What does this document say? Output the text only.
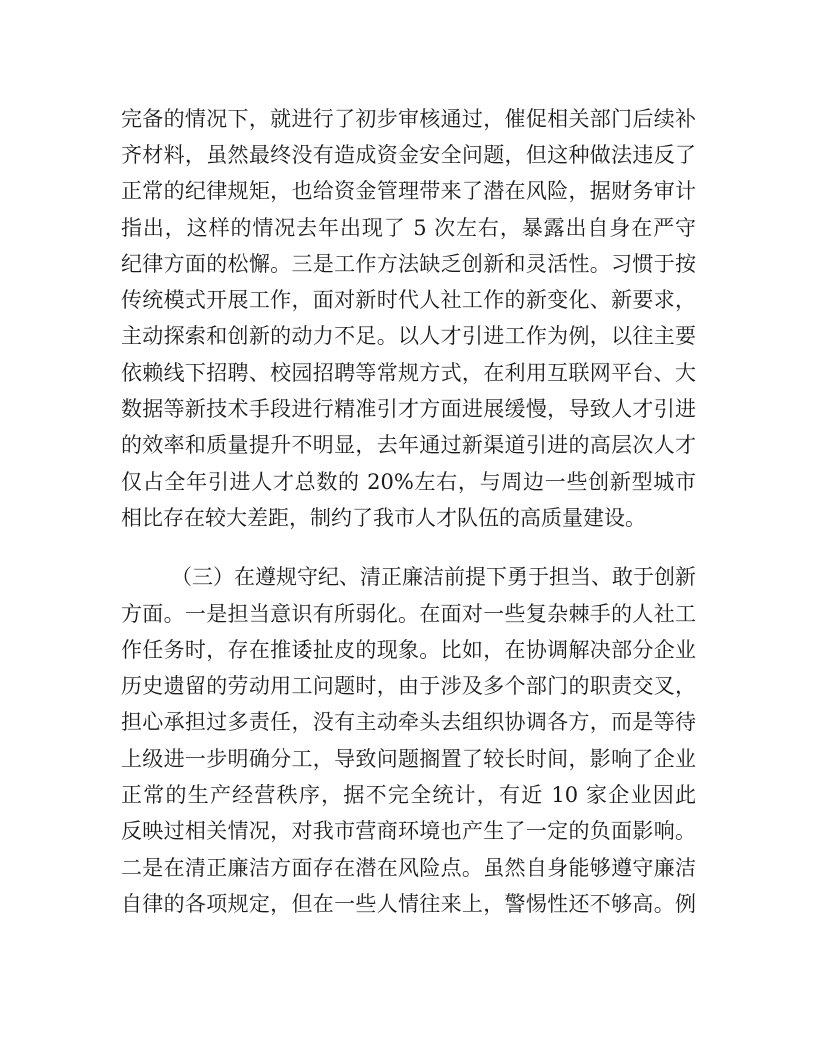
完备的情况下，就进行了初步审核通过，催促相关部门后续补
齐材料，虽然最终没有造成资金安全问题，但这种做法违反了
正常的纪律规矩，也给资金管理带来了潜在风险，据财务审计
指出，这样的情况去年出现了 5 次左右，暴露出自身在严守
纪律方面的松懈。三是工作方法缺乏创新和灵活性。习惯于按
传统模式开展工作，面对新时代人社工作的新变化、新要求，
主动探索和创新的动力不足。以人才引进工作为例，以往主要
依赖线下招聘、校园招聘等常规方式，在利用互联网平台、大
数据等新技术手段进行精准引才方面进展缓慢，导致人才引进
的效率和质量提升不明显，去年通过新渠道引进的高层次人才
仅占全年引进人才总数的 20%左右，与周边一些创新型城市
相比存在较大差距，制约了我市人才队伍的高质量建设。
（三）在遵规守纪、清正廉洁前提下勇于担当、敢于创新
方面。一是担当意识有所弱化。在面对一些复杂棘手的人社工
作任务时，存在推诿扯皮的现象。比如，在协调解决部分企业
历史遗留的劳动用工问题时，由于涉及多个部门的职责交叉，
担心承担过多责任，没有主动牵头去组织协调各方，而是等待
上级进一步明确分工，导致问题搁置了较长时间，影响了企业
正常的生产经营秩序，据不完全统计，有近 10 家企业因此
反映过相关情况，对我市营商环境也产生了一定的负面影响。
二是在清正廉洁方面存在潜在风险点。虽然自身能够遵守廉洁
自律的各项规定，但在一些人情往来上，警惕性还不够高。例
